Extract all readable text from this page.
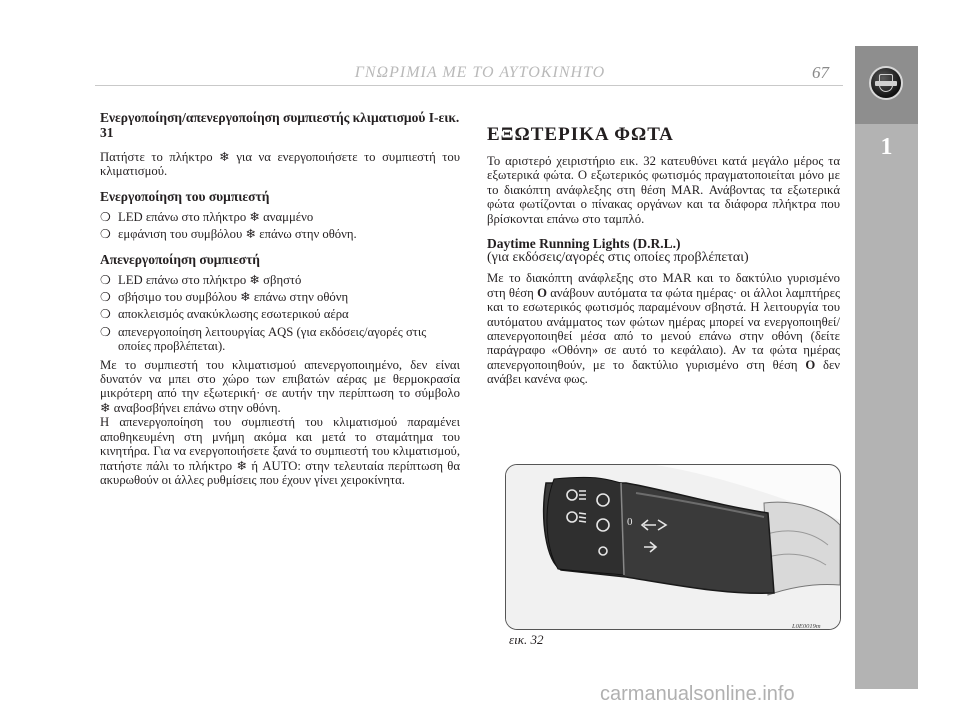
ΓΝΩΡΙΜΙΑ ΜΕ ΤΟ ΑΥΤΟΚΙΝΗΤΟ	67
1
Ενεργοποίηση/απενεργοποίηση συμπιεστής κλιματισμού Ι-εικ. 31

Πατήστε το πλήκτρο ❄ για να ενεργοποιήσετε το συμπιεστή του κλιματισμού.

Ενεργοποίηση του συμπιεστή
❍ LED επάνω στο πλήκτρο ❄ αναμμένο
❍ εμφάνιση του συμβόλου ❄ επάνω στην οθόνη.
Απενεργοποίηση συμπιεστή
❍ LED επάνω στο πλήκτρο ❄ σβηστό
❍ σβήσιμο του συμβόλου ❄ επάνω στην οθόνη
❍ αποκλεισμός ανακύκλωσης εσωτερικού αέρα
❍ απενεργοποίηση λειτουργίας AQS (για εκδόσεις/αγορές στις οποίες προβλέπεται).

Με το συμπιεστή του κλιματισμού απενεργοποιημένο, δεν είναι δυνατόν να μπει στο χώρο των επιβατών αέρας με θερμοκρασία μικρότερη από την εξωτερική· σε αυτήν την περίπτωση το σύμβολο ❄ αναβοσβήνει επάνω στην οθόνη.

Η απενεργοποίηση του συμπιεστή του κλιματισμού παραμένει αποθηκευμένη στη μνήμη ακόμα και μετά το σταμάτημα του κινητήρα. Για να ενεργοποιήσετε ξανά το συμπιεστή του κλιματισμού, πατήστε πάλι το πλήκτρο ❄ ή AUTO: στην τελευταία περίπτωση θα ακυρωθούν οι άλλες ρυθμίσεις που έχουν γίνει χειροκίνητα.

ΕΞΩΤΕΡΙΚΑ ΦΩΤΑ

Το αριστερό χειριστήριο εικ. 32 κατευθύνει κατά μεγάλο μέρος τα εξωτερικά φώτα. Ο εξωτερικός φωτισμός πραγματοποιείται μόνο με το διακόπτη ανάφλεξης στη θέση MAR. Ανάβοντας τα εξωτερικά φώτα φωτίζονται ο πίνακας οργάνων και τα διάφορα πλήκτρα που βρίσκονται επάνω στο ταμπλό.

Daytime Running Lights (D.R.L.)
(για εκδόσεις/αγορές στις οποίες προβλέπεται)

Με το διακόπτη ανάφλεξης στο MAR και το δακτύλιο γυρισμένο στη θέση O ανάβουν αυτόματα τα φώτα ημέρας· οι άλλοι λαμπτήρες και το εσωτερικός φωτισμός παραμένουν σβηστά. Η λειτουργία του αυτόματου ανάμματος των φώτων ημέρας μπορεί να ενεργοποιηθεί/απενεργοποιηθεί μέσα από το μενού επάνω στην οθόνη (δείτε παράγραφο «Οθόνη» σε αυτό το κεφάλαιο). Αν τα φώτα ημέρας απενεργοποιηθούν, με το δακτύλιο γυρισμένο στη θέση O δεν ανάβει κανένα φως.

0
εικ. 32
L0E0019m
carmanualsonline.info
